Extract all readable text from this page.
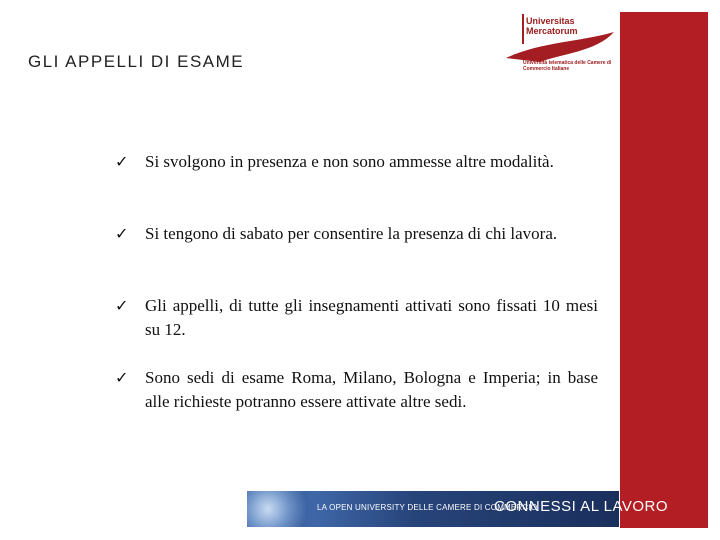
GLI APPELLI DI ESAME
Universitas
Mercatorum
Università telematica delle Camere di Commercio Italiane
✓ Si svolgono in presenza e non sono ammesse altre modalità.
✓ Si tengono di sabato per consentire la presenza di chi lavora.
✓ Gli appelli, di tutte gli insegnamenti attivati sono fissati 10 mesi su 12.
✓ Sono sedi di esame Roma, Milano, Bologna e Imperia; in base alle richieste potranno essere attivate altre sedi.
LA OPEN UNIVERSITY DELLE CAMERE DI COMMERCIO
CONNESSI AL LAVORO
